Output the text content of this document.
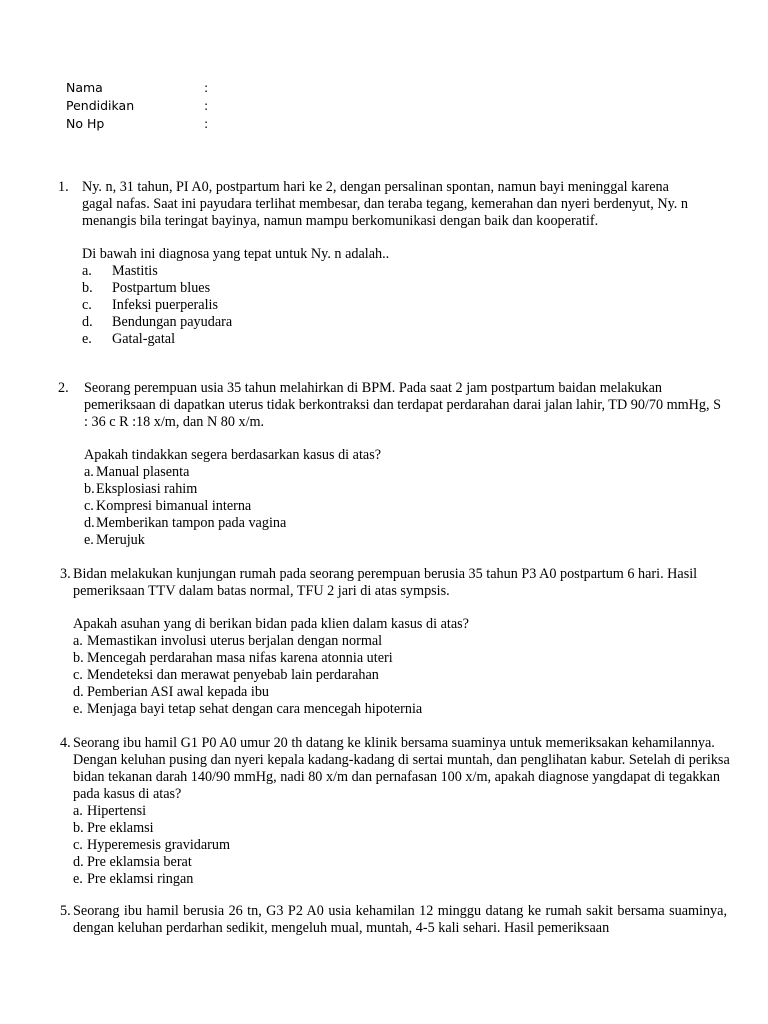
Nama	:
Pendidikan	:
No Hp	:
1. Ny. n, 31 tahun, PI A0, postpartum hari ke 2, dengan persalinan spontan, namun bayi meninggal karena gagal nafas. Saat ini payudara terlihat membesar, dan teraba tegang, kemerahan dan nyeri berdenyut, Ny. n menangis bila teringat bayinya, namun mampu berkomunikasi dengan baik dan kooperatif.

Di bawah ini diagnosa yang tepat untuk Ny. n adalah..

a.	Mastitis
b.	Postpartum blues
c.	Infeksi puerperalis
d.	Bendungan payudara
e.	Gatal-gatal
2. Seorang perempuan usia 35 tahun melahirkan di BPM. Pada saat 2 jam postpartum baidan melakukan pemeriksaan di dapatkan uterus tidak berkontraksi dan terdapat perdarahan darai jalan lahir, TD 90/70 mmHg, S : 36 c R :18 x/m, dan N 80 x/m.

Apakah tindakkan segera berdasarkan kasus di atas?

a. Manual plasenta
b. Eksplosiasi rahim
c. Kompresi bimanual interna
d. Memberikan tampon pada vagina
e. Merujuk
3. Bidan melakukan kunjungan rumah pada seorang perempuan berusia 35 tahun P3 A0 postpartum 6 hari. Hasil pemeriksaan TTV dalam batas normal, TFU 2 jari di atas sympsis.

Apakah asuhan yang di berikan bidan pada klien dalam kasus di atas?

a. Memastikan involusi uterus berjalan dengan normal
b. Mencegah perdarahan masa nifas karena atonnia uteri
c. Mendeteksi dan merawat penyebab lain perdarahan
d. Pemberian ASI awal kepada ibu
e. Menjaga bayi tetap sehat dengan cara mencegah hipoternia
4. Seorang ibu hamil G1 P0 A0 umur 20 th datang ke klinik bersama suaminya untuk memeriksakan kehamilannya. Dengan keluhan pusing dan nyeri kepala kadang-kadang di sertai muntah, dan penglihatan kabur. Setelah di periksa bidan tekanan darah 140/90 mmHg, nadi 80 x/m dan pernafasan 100 x/m, apakah diagnose yangdapat di tegakkan pada kasus di atas?

a. Hipertensi
b. Pre eklamsi
c. Hyperemesis gravidarum
d. Pre eklamsia berat
e. Pre eklamsi ringan
5. Seorang ibu hamil berusia 26 tn, G3 P2 A0 usia kehamilan 12 minggu datang ke rumah sakit bersama suaminya, dengan keluhan perdarhan sedikit, mengeluh mual, muntah, 4-5 kali sehari. Hasil pemeriksaan
